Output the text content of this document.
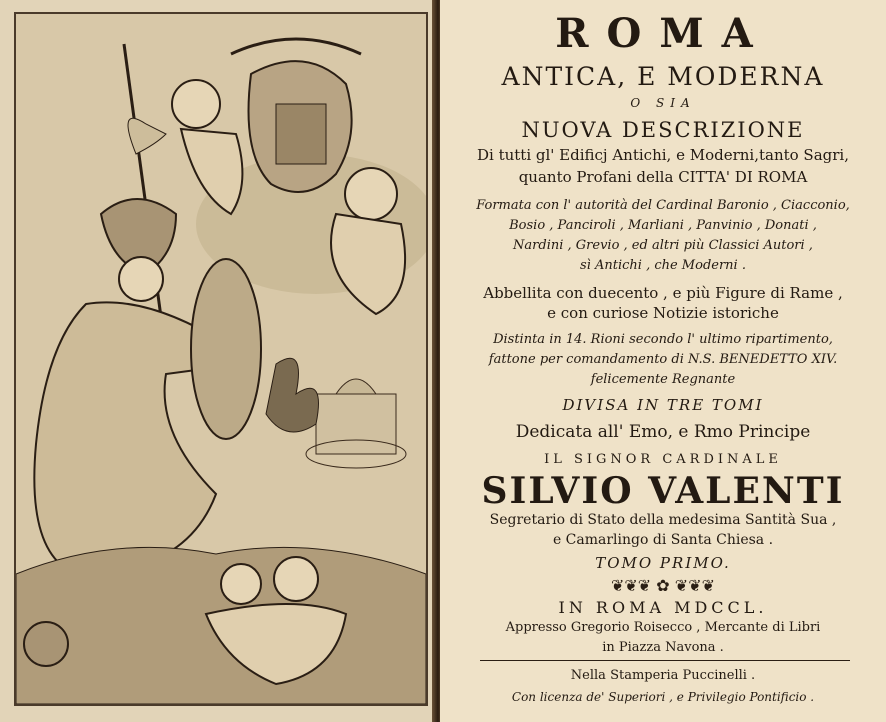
ROMA
ANTICA, E MODERNA
O SIA
NUOVA DESCRIZIONE
Di tutti gl' Edificj Antichi, e Moderni,tanto Sagri,
quanto Profani della CITTA' DI ROMA
Formata con l' autorità del Cardinal Baronio , Ciacconio,
Bosio , Panciroli , Marliani , Panvinio , Donati ,
Nardini , Grevio , ed altri più Classici Autori ,
sì Antichi , che Moderni .
Abbellita con duecento , e più Figure di Rame ,
e con curiose Notizie istoriche
Distinta in 14. Rioni secondo l' ultimo ripartimento,
fattone per comandamento di N.S. BENEDETTO XIV.
felicemente Regnante
DIVISA IN TRE TOMI
Dedicata all' Emo, e Rmo Principe
IL SIGNOR CARDINALE
SILVIO VALENTI
Segretario di Stato della medesima Santità Sua ,
e Camarlingo di Santa Chiesa .
TOMO PRIMO.
❦❦❦ ✿ ❦❦❦
IN ROMA MDCCL.
Appresso Gregorio Roisecco , Mercante di Libri
in Piazza Navona .
Nella Stamperia Puccinelli .
Con licenza de' Superiori , e Privilegio Pontificio .
